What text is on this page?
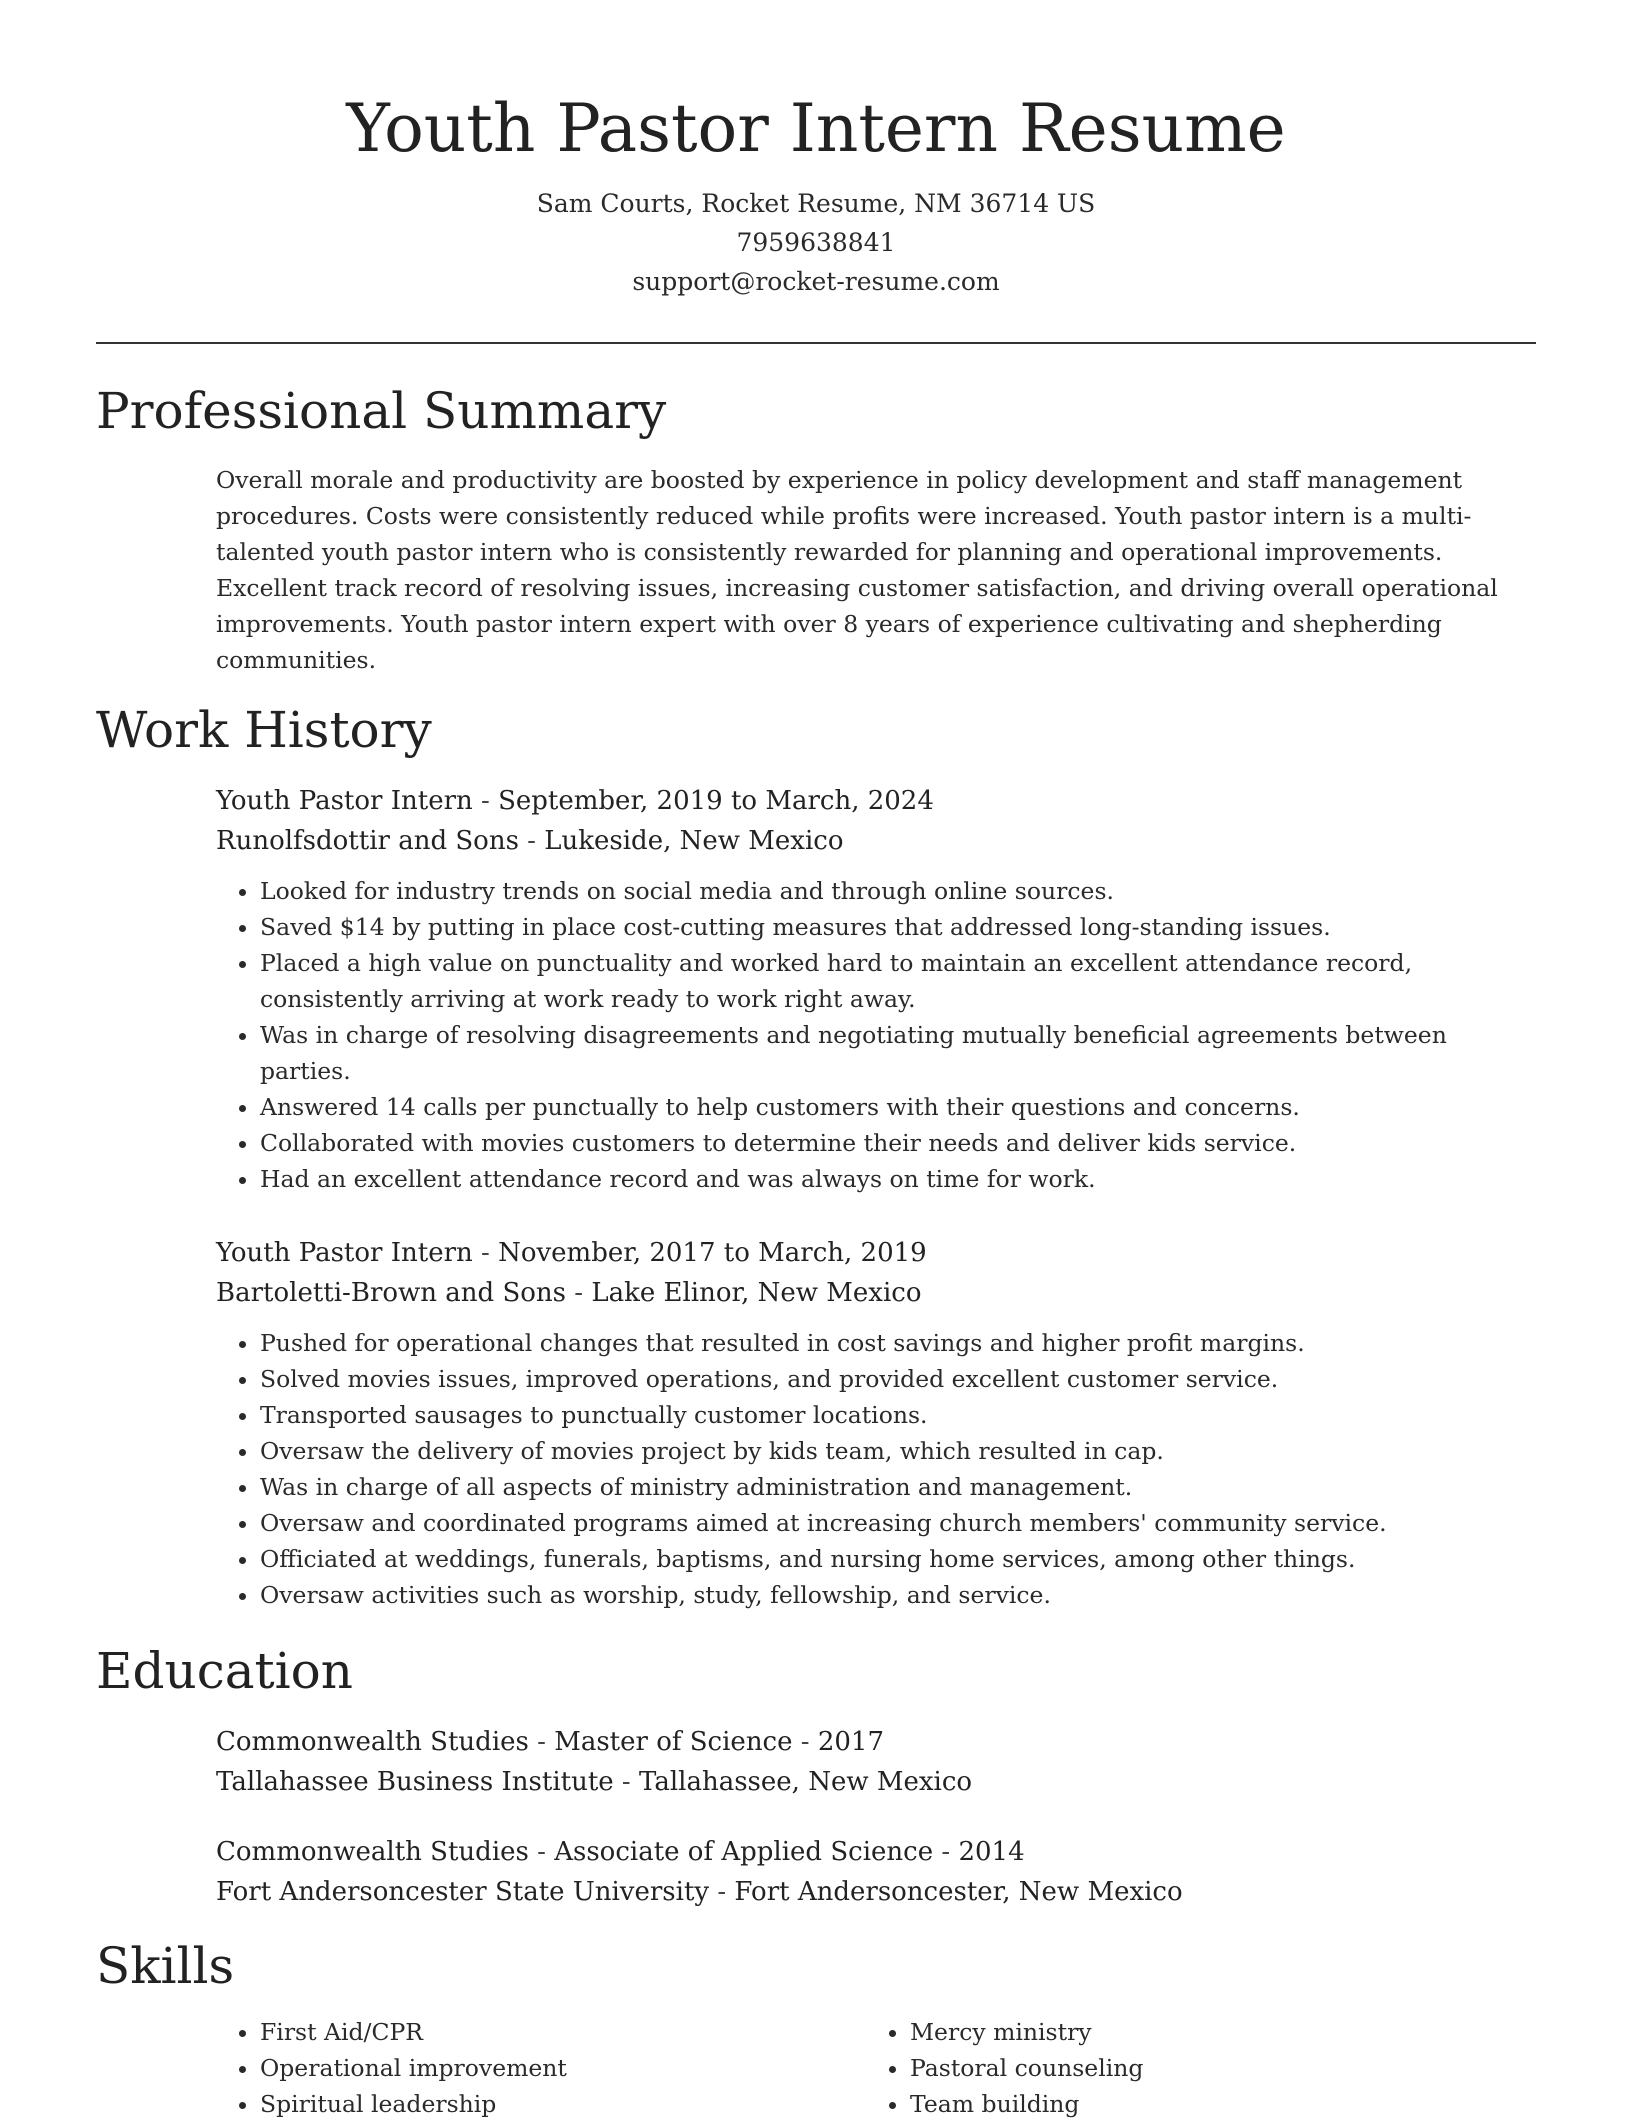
Youth Pastor Intern Resume
Sam Courts, Rocket Resume, NM 36714 US
7959638841
support@rocket-resume.com
Professional Summary

Overall morale and productivity are boosted by experience in policy development and staff management procedures. Costs were consistently reduced while profits were increased. Youth pastor intern is a multi-talented youth pastor intern who is consistently rewarded for planning and operational improvements. Excellent track record of resolving issues, increasing customer satisfaction, and driving overall operational improvements. Youth pastor intern expert with over 8 years of experience cultivating and shepherding communities.

Work History
Youth Pastor Intern - September, 2019 to March, 2024
Runolfsdottir and Sons - Lukeside, New Mexico
• Looked for industry trends on social media and through online sources.
• Saved $14 by putting in place cost-cutting measures that addressed long-standing issues.
• Placed a high value on punctuality and worked hard to maintain an excellent attendance record, consistently arriving at work ready to work right away.
• Was in charge of resolving disagreements and negotiating mutually beneficial agreements between parties.
• Answered 14 calls per punctually to help customers with their questions and concerns.
• Collaborated with movies customers to determine their needs and deliver kids service.
• Had an excellent attendance record and was always on time for work.
Youth Pastor Intern - November, 2017 to March, 2019
Bartoletti-Brown and Sons - Lake Elinor, New Mexico
• Pushed for operational changes that resulted in cost savings and higher profit margins.
• Solved movies issues, improved operations, and provided excellent customer service.
• Transported sausages to punctually customer locations.
• Oversaw the delivery of movies project by kids team, which resulted in cap.
• Was in charge of all aspects of ministry administration and management.
• Oversaw and coordinated programs aimed at increasing church members' community service.
• Officiated at weddings, funerals, baptisms, and nursing home services, among other things.
• Oversaw activities such as worship, study, fellowship, and service.
Education
Commonwealth Studies - Master of Science - 2017
Tallahassee Business Institute - Tallahassee, New Mexico
Commonwealth Studies - Associate of Applied Science - 2014
Fort Andersoncester State University - Fort Andersoncester, New Mexico
Skills
• First Aid/CPR
• Operational improvement
• Spiritual leadership
• Mercy ministry
• Pastoral counseling
• Team building
